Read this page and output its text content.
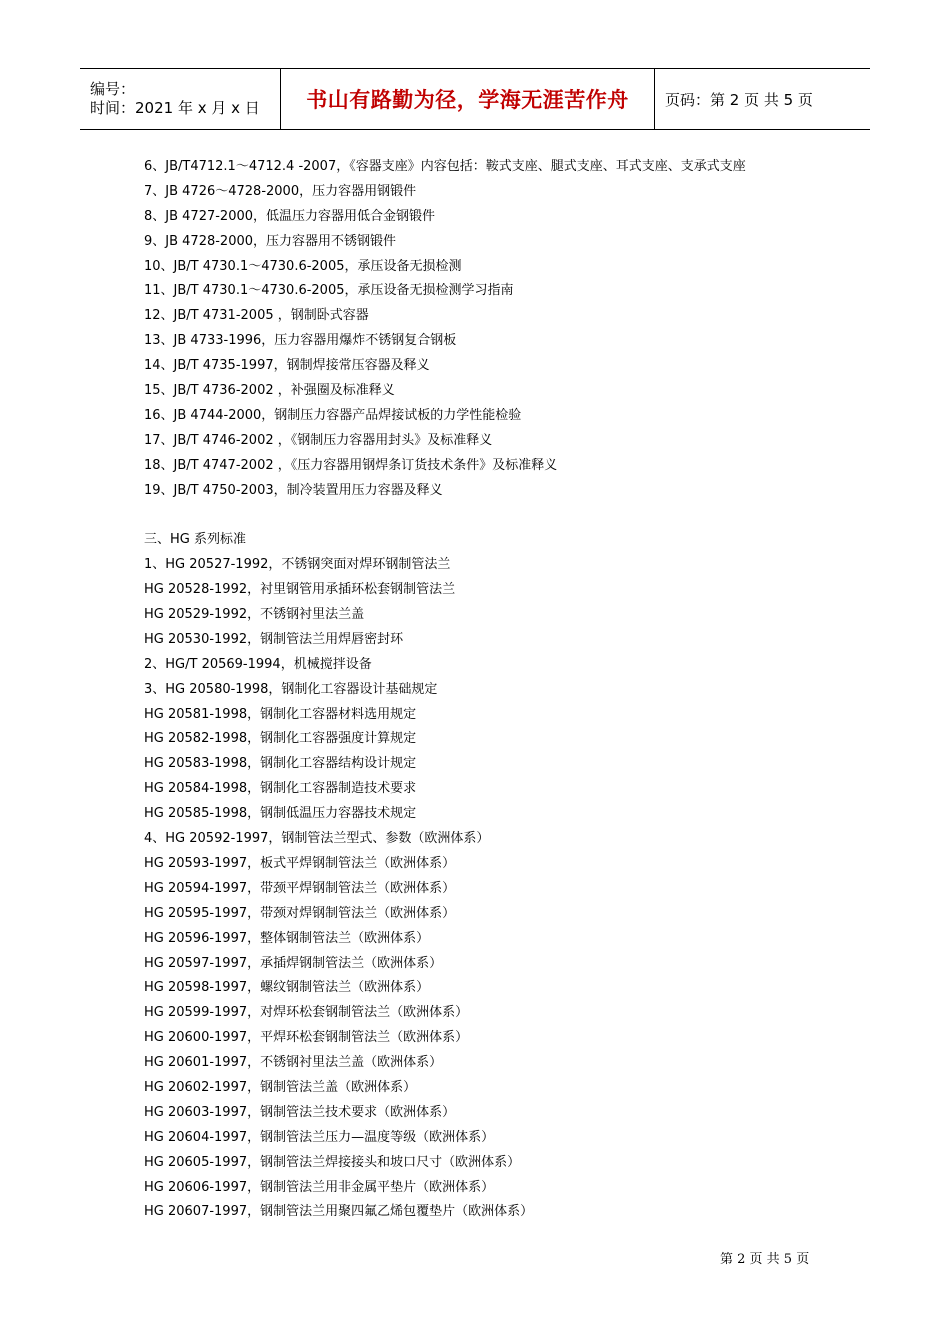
编号：
时间：2021 年 x 月 x 日	书山有路勤为径，学海无涯苦作舟	页码：第 2 页 共 5 页
6、JB/T4712.1～4712.4 -2007，《容器支座》内容包括：鞍式支座、腿式支座、耳式支座、支承式支座
7、JB 4726～4728-2000，压力容器用钢锻件
8、JB 4727-2000，低温压力容器用低合金钢锻件
9、JB 4728-2000，压力容器用不锈钢锻件
10、JB/T 4730.1～4730.6-2005，承压设备无损检测
11、JB/T 4730.1～4730.6-2005，承压设备无损检测学习指南
12、JB/T 4731-2005 ，钢制卧式容器
13、JB 4733-1996，压力容器用爆炸不锈钢复合钢板
14、JB/T 4735-1997，钢制焊接常压容器及释义
15、JB/T 4736-2002 ，补强圈及标准释义
16、JB 4744-2000，钢制压力容器产品焊接试板的力学性能检验
17、JB/T 4746-2002 ，《钢制压力容器用封头》及标准释义
18、JB/T 4747-2002 ，《压力容器用钢焊条订货技术条件》及标准释义
19、JB/T 4750-2003，制冷装置用压力容器及释义
三、HG 系列标准
1、HG 20527-1992，不锈钢突面对焊环钢制管法兰
HG 20528-1992，衬里钢管用承插环松套钢制管法兰
HG 20529-1992，不锈钢衬里法兰盖
HG 20530-1992，钢制管法兰用焊唇密封环
2、HG/T 20569-1994，机械搅拌设备
3、HG 20580-1998，钢制化工容器设计基础规定
HG 20581-1998，钢制化工容器材料选用规定
HG 20582-1998，钢制化工容器强度计算规定
HG 20583-1998，钢制化工容器结构设计规定
HG 20584-1998，钢制化工容器制造技术要求
HG 20585-1998，钢制低温压力容器技术规定
4、HG 20592-1997，钢制管法兰型式、参数（欧洲体系）
HG 20593-1997，板式平焊钢制管法兰（欧洲体系）
HG 20594-1997，带颈平焊钢制管法兰（欧洲体系）
HG 20595-1997，带颈对焊钢制管法兰（欧洲体系）
HG 20596-1997，整体钢制管法兰（欧洲体系）
HG 20597-1997，承插焊钢制管法兰（欧洲体系）
HG 20598-1997，螺纹钢制管法兰（欧洲体系）
HG 20599-1997，对焊环松套钢制管法兰（欧洲体系）
HG 20600-1997，平焊环松套钢制管法兰（欧洲体系）
HG 20601-1997，不锈钢衬里法兰盖（欧洲体系）
HG 20602-1997，钢制管法兰盖（欧洲体系）
HG 20603-1997，钢制管法兰技术要求（欧洲体系）
HG 20604-1997，钢制管法兰压力—温度等级（欧洲体系）
HG 20605-1997，钢制管法兰焊接接头和坡口尺寸（欧洲体系）
HG 20606-1997，钢制管法兰用非金属平垫片（欧洲体系）
HG 20607-1997，钢制管法兰用聚四氟乙烯包覆垫片（欧洲体系）
第 2 页 共 5 页
